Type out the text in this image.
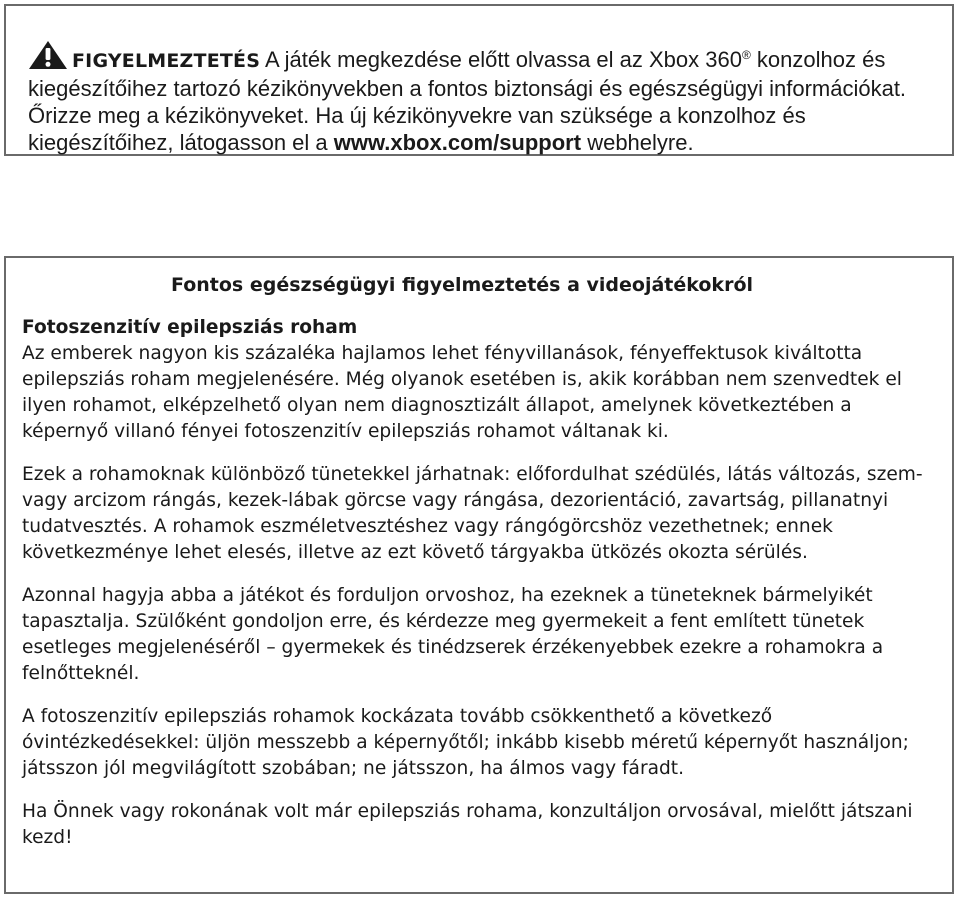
FIGYELMEZTETÉS A játék megkezdése előtt olvassa el az Xbox 360® konzolhoz és kiegészítőihez tartozó kézikönyvekben a fontos biztonsági és egészségügyi információkat. Őrizze meg a kézikönyveket. Ha új kézikönyvekre van szüksége a konzolhoz és kiegészítőihez, látogasson el a www.xbox.com/support webhelyre.
Fontos egészségügyi figyelmeztetés a videojátékokról

Fotoszenzitív epilepsziás roham

Az emberek nagyon kis százaléka hajlamos lehet fényvillanások, fényeffektusok kiváltotta epilepsziás roham megjelenésére. Még olyanok esetében is, akik korábban nem szenvedtek el ilyen rohamot, elképzelhető olyan nem diagnosztizált állapot, amelynek következtében a képernyő villanó fényei fotoszenzitív epilepsziás rohamot váltanak ki.

Ezek a rohamoknak különböző tünetekkel járhatnak: előfordulhat szédülés, látás változás, szem- vagy arcizom rángás, kezek-lábak görcse vagy rángása, dezorientáció, zavartság, pillanatnyi tudatvesztés. A rohamok eszméletvesztéshez vagy rángógörcshöz vezethetnek; ennek következménye lehet elesés, illetve az ezt követő tárgyakba ütközés okozta sérülés.

Azonnal hagyja abba a játékot és forduljon orvoshoz, ha ezeknek a tüneteknek bármelyikét tapasztalja. Szülőként gondoljon erre, és kérdezze meg gyermekeit a fent említett tünetek esetleges megjelenéséről – gyermekek és tinédzserek érzékenyebbek ezekre a rohamokra a felnőtteknél.

A fotoszenzitív epilepsziás rohamok kockázata tovább csökkenthető a következő óvintézkedésekkel: üljön messzebb a képernyőtől; inkább kisebb méretű képernyőt használjon; játsszon jól megvilágított szobában; ne játsszon, ha álmos vagy fáradt.

Ha Önnek vagy rokonának volt már epilepsziás rohama, konzultáljon orvosával, mielőtt játszani kezd!
